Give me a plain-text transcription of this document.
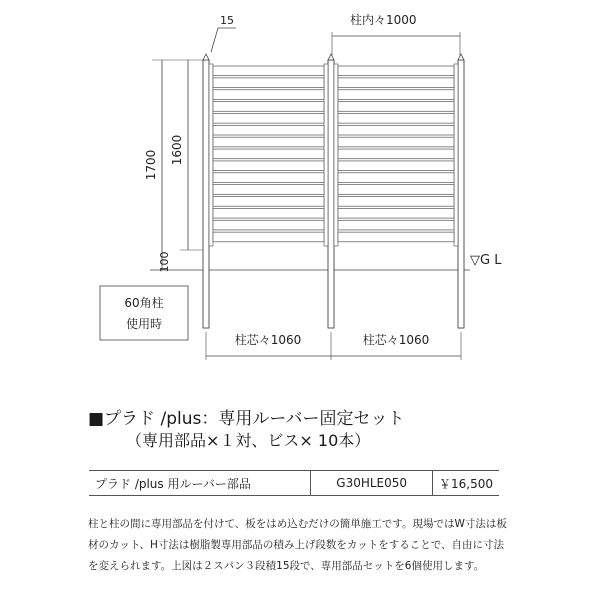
15	柱内々1000
1700 1600
100	▽G L
60角柱
使用時
柱芯々1060	柱芯々1060
■プラド /plus：専用ルーバー固定セット
（専用部品×１対、ビス× 10本）
プラド /plus 用ルーバー部品	G30HLE050	￥16,500
柱と柱の間に専用部品を付けて、板をはめ込むだけの簡単施工です。現場ではW寸法は板材のカット、H寸法は樹脂製専用部品の積み上げ段数をカットをすることで、自由に寸法を変えられます。上図は２スパン３段積15段で、専用部品セットを6個使用します。
